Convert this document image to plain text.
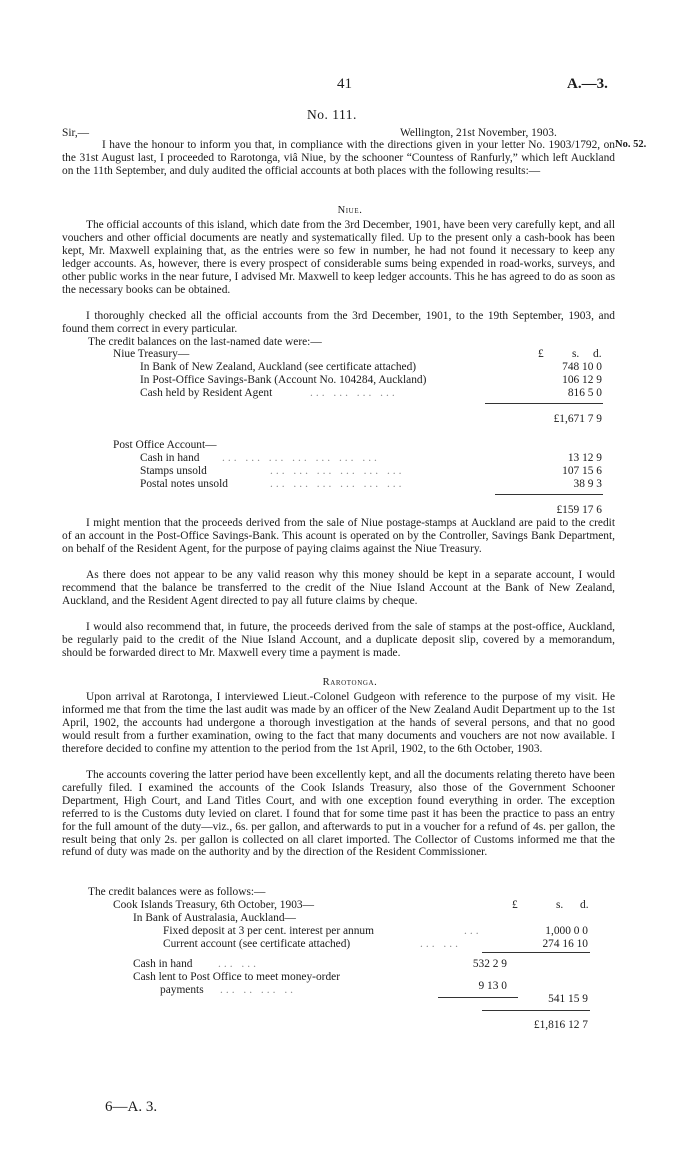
41	A.—3.
No. 111.
Sir,—	Wellington, 21st November, 1903.
No. 52.
I have the honour to inform you that, in compliance with the directions given in your letter No. 1903/1792, on the 31st August last, I proceeded to Rarotonga, viâ Niue, by the schooner “Countess of Ranfurly,” which left Auckland on the 11th September, and duly audited the official accounts at both places with the following results:—
Niue.
The official accounts of this island, which date from the 3rd December, 1901, have been very carefully kept, and all vouchers and other official documents are neatly and systematically filed. Up to the present only a cash-book has been kept, Mr. Maxwell explaining that, as the entries were so few in number, he had not found it necessary to keep any ledger accounts. As, however, there is every prospect of considerable sums being expended in road-works, surveys, and other public works in the near future, I advised Mr. Maxwell to keep ledger accounts. This he has agreed to do as soon as the necessary books can be obtained.
I thoroughly checked all the official accounts from the 3rd December, 1901, to the 19th September, 1903, and found them correct in every particular.
The credit balances on the last-named date were:—
£ s. d.
Niue Treasury—
In Bank of New Zealand, Auckland (see certificate attached)	748 10 0
In Post-Office Savings-Bank (Account No. 104284, Auckland)	106 12 9
Cash held by Resident Agent	... ... ... ...	816 5 0
£1,671 7 9
Post Office Account—
Cash in hand ... ... ... ... ... ... ...	13 12 9
Stamps unsold	... ... ... ... ... ...	107 15 6
Postal notes unsold	... ... ... ... ... ...	38 9 3
£159 17 6
I might mention that the proceeds derived from the sale of Niue postage-stamps at Auckland are paid to the credit of an account in the Post-Office Savings-Bank. This acount is operated on by the Controller, Savings Bank Department, on behalf of the Resident Agent, for the purpose of paying claims against the Niue Treasury.
As there does not appear to be any valid reason why this money should be kept in a separate account, I would recommend that the balance be transferred to the credit of the Niue Island Account at the Bank of New Zealand, Auckland, and the Resident Agent directed to pay all future claims by cheque.
I would also recommend that, in future, the proceeds derived from the sale of stamps at the post-office, Auckland, be regularly paid to the credit of the Niue Island Account, and a duplicate deposit slip, covered by a memorandum, should be forwarded direct to Mr. Maxwell every time a payment is made.
Rarotonga.
Upon arrival at Rarotonga, I interviewed Lieut.-Colonel Gudgeon with reference to the purpose of my visit. He informed me that from the time the last audit was made by an officer of the New Zealand Audit Department up to the 1st April, 1902, the accounts had undergone a thorough investigation at the hands of several persons, and that no good would result from a further examination, owing to the fact that many documents and vouchers are not now available. I therefore decided to confine my attention to the period from the 1st April, 1902, to the 6th October, 1903.
The accounts covering the latter period have been excellently kept, and all the documents relating thereto have been carefully filed. I examined the accounts of the Cook Islands Treasury, also those of the Government Schooner Department, High Court, and Land Titles Court, and with one exception found everything in order. The exception referred to is the Customs duty levied on claret. I found that for some time past it has been the practice to pass an entry for the full amount of the duty—viz., 6s. per gallon, and afterwards to put in a voucher for a refund of 4s. per gallon, the result being that only 2s. per gallon is collected on all claret imported. The Collector of Customs informed me that the refund of duty was made on the authority and by the direction of the Resident Commissioner.
The credit balances were as follows:—
£	s. d.
Cook Islands Treasury, 6th October, 1903—
In Bank of Australasia, Auckland—
Fixed deposit at 3 per cent. interest per annum	...	1,000 0 0
Current account (see certificate attached)	... ...	274 16 10
Cash in hand ... ...	532 2 9
Cash lent to Post Office to meet money-order
payments ... .. ... ..	9 13 0
541 15 9
£1,816 12 7
6—A. 3.
